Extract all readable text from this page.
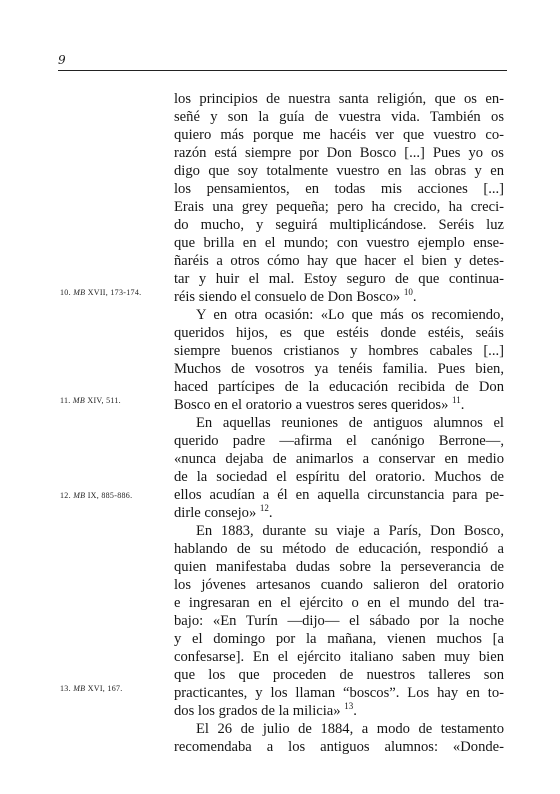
9
los principios de nuestra santa religión, que os en-
señé y son la guía de vuestra vida. También os
quiero más porque me hacéis ver que vuestro co-
razón está siempre por Don Bosco [...] Pues yo os
digo que soy totalmente vuestro en las obras y en
los pensamientos, en todas mis acciones [...]
Erais una grey pequeña; pero ha crecido, ha creci-
do mucho, y seguirá multiplicándose. Seréis luz
que brilla en el mundo; con vuestro ejemplo ense-
ñaréis a otros cómo hay que hacer el bien y detes-
tar y huir el mal. Estoy seguro de que continua-
réis siendo el consuelo de Don Bosco» $^{10}$.
Y en otra ocasión: «Lo que más os recomiendo,
queridos hijos, es que estéis donde estéis, seáis
siempre buenos cristianos y hombres cabales [...]
Muchos de vosotros ya tenéis familia. Pues bien,
haced partícipes de la educación recibida de Don
Bosco en el oratorio a vuestros seres queridos» $^{11}$.
En aquellas reuniones de antiguos alumnos el
querido padre —afirma el canónigo Berrone—,
«nunca dejaba de animarlos a conservar en medio
de la sociedad el espíritu del oratorio. Muchos de
ellos acudían a él en aquella circunstancia para pe-
dirle consejo» $^{12}$.
En 1883, durante su viaje a París, Don Bosco,
hablando de su método de educación, respondió a
quien manifestaba dudas sobre la perseverancia de
los jóvenes artesanos cuando salieron del oratorio
e ingresaran en el ejército o en el mundo del tra-
bajo: «En Turín —dijo— el sábado por la noche
y el domingo por la mañana, vienen muchos [a
confesarse]. En el ejército italiano saben muy bien
que los que proceden de nuestros talleres son
practicantes, y los llaman “boscos”. Los hay en to-
dos los grados de la milicia» $^{13}$.
El 26 de julio de 1884, a modo de testamento
recomendaba a los antiguos alumnos: «Donde-
10. MB XVII, 173-174.
11. MB XIV, 511.
12. MB IX, 885-886.
13. MB XVI, 167.
